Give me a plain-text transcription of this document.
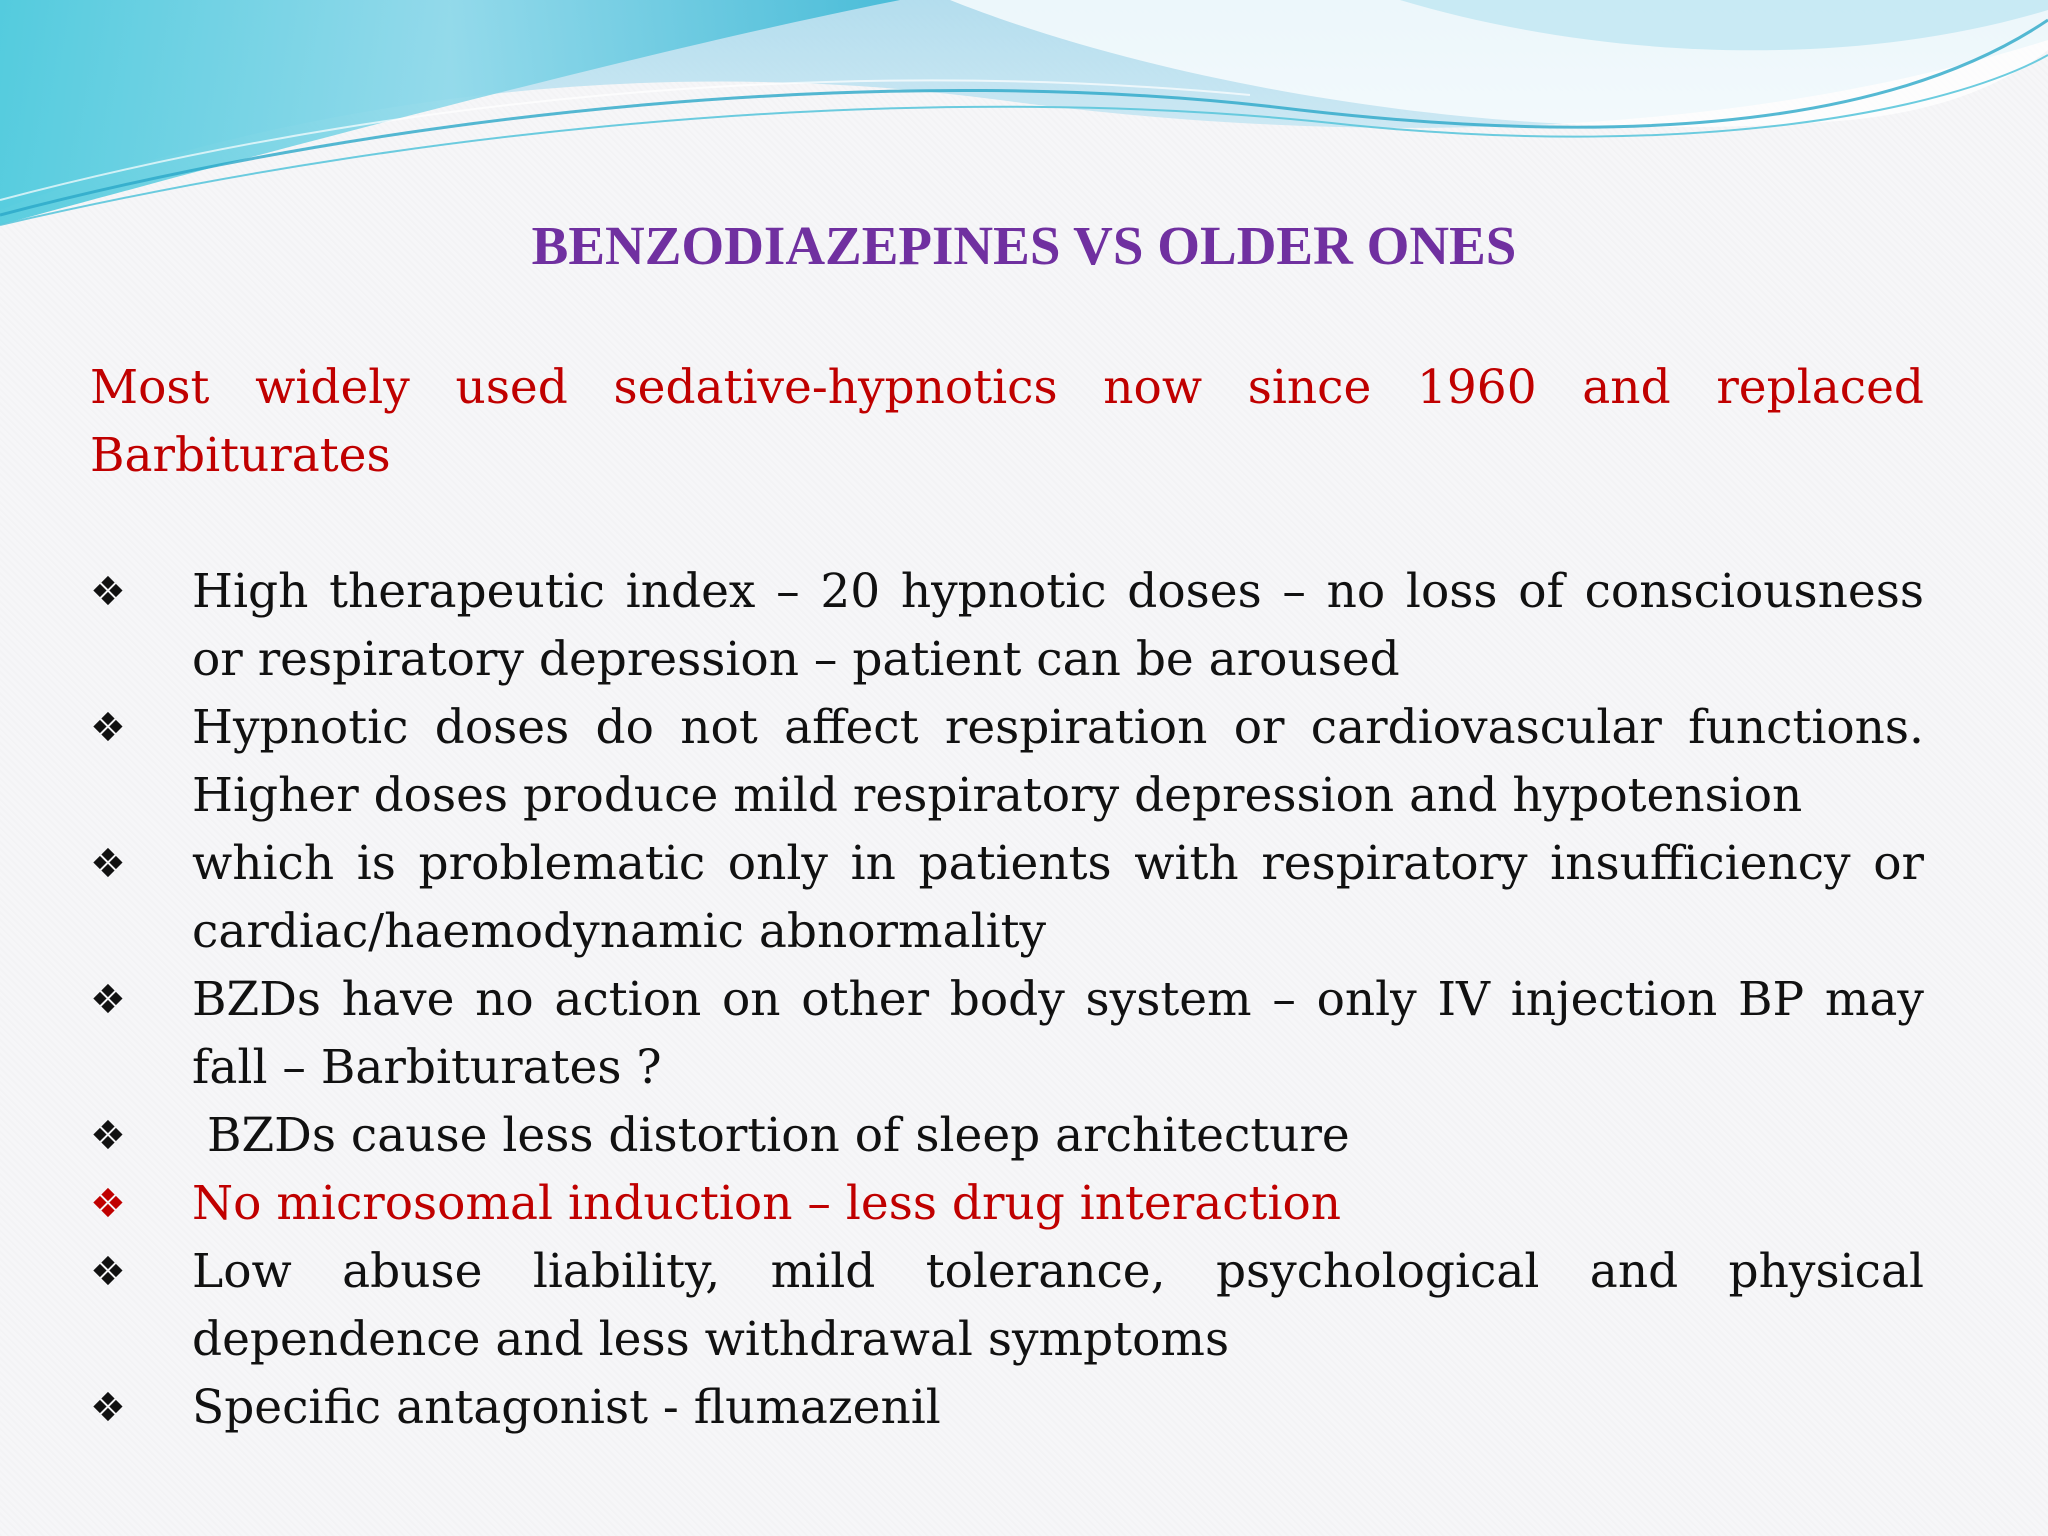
BENZODIAZEPINES VS OLDER ONES
Most widely used sedative-hypnotics now since 1960 and replaced Barbiturates
❖ High therapeutic index – 20 hypnotic doses – no loss of consciousness or respiratory depression – patient can be aroused
❖ Hypnotic doses do not affect respiration or cardiovascular functions. Higher doses produce mild respiratory depression and hypotension
❖ which is problematic only in patients with respiratory insufficiency or cardiac/haemodynamic abnormality
❖ BZDs have no action on other body system – only IV injection BP may fall – Barbiturates ?
❖ BZDs cause less distortion of sleep architecture
❖ No microsomal induction – less drug interaction
❖ Low abuse liability, mild tolerance, psychological and physical dependence and less withdrawal symptoms
❖ Specific antagonist - flumazenil
